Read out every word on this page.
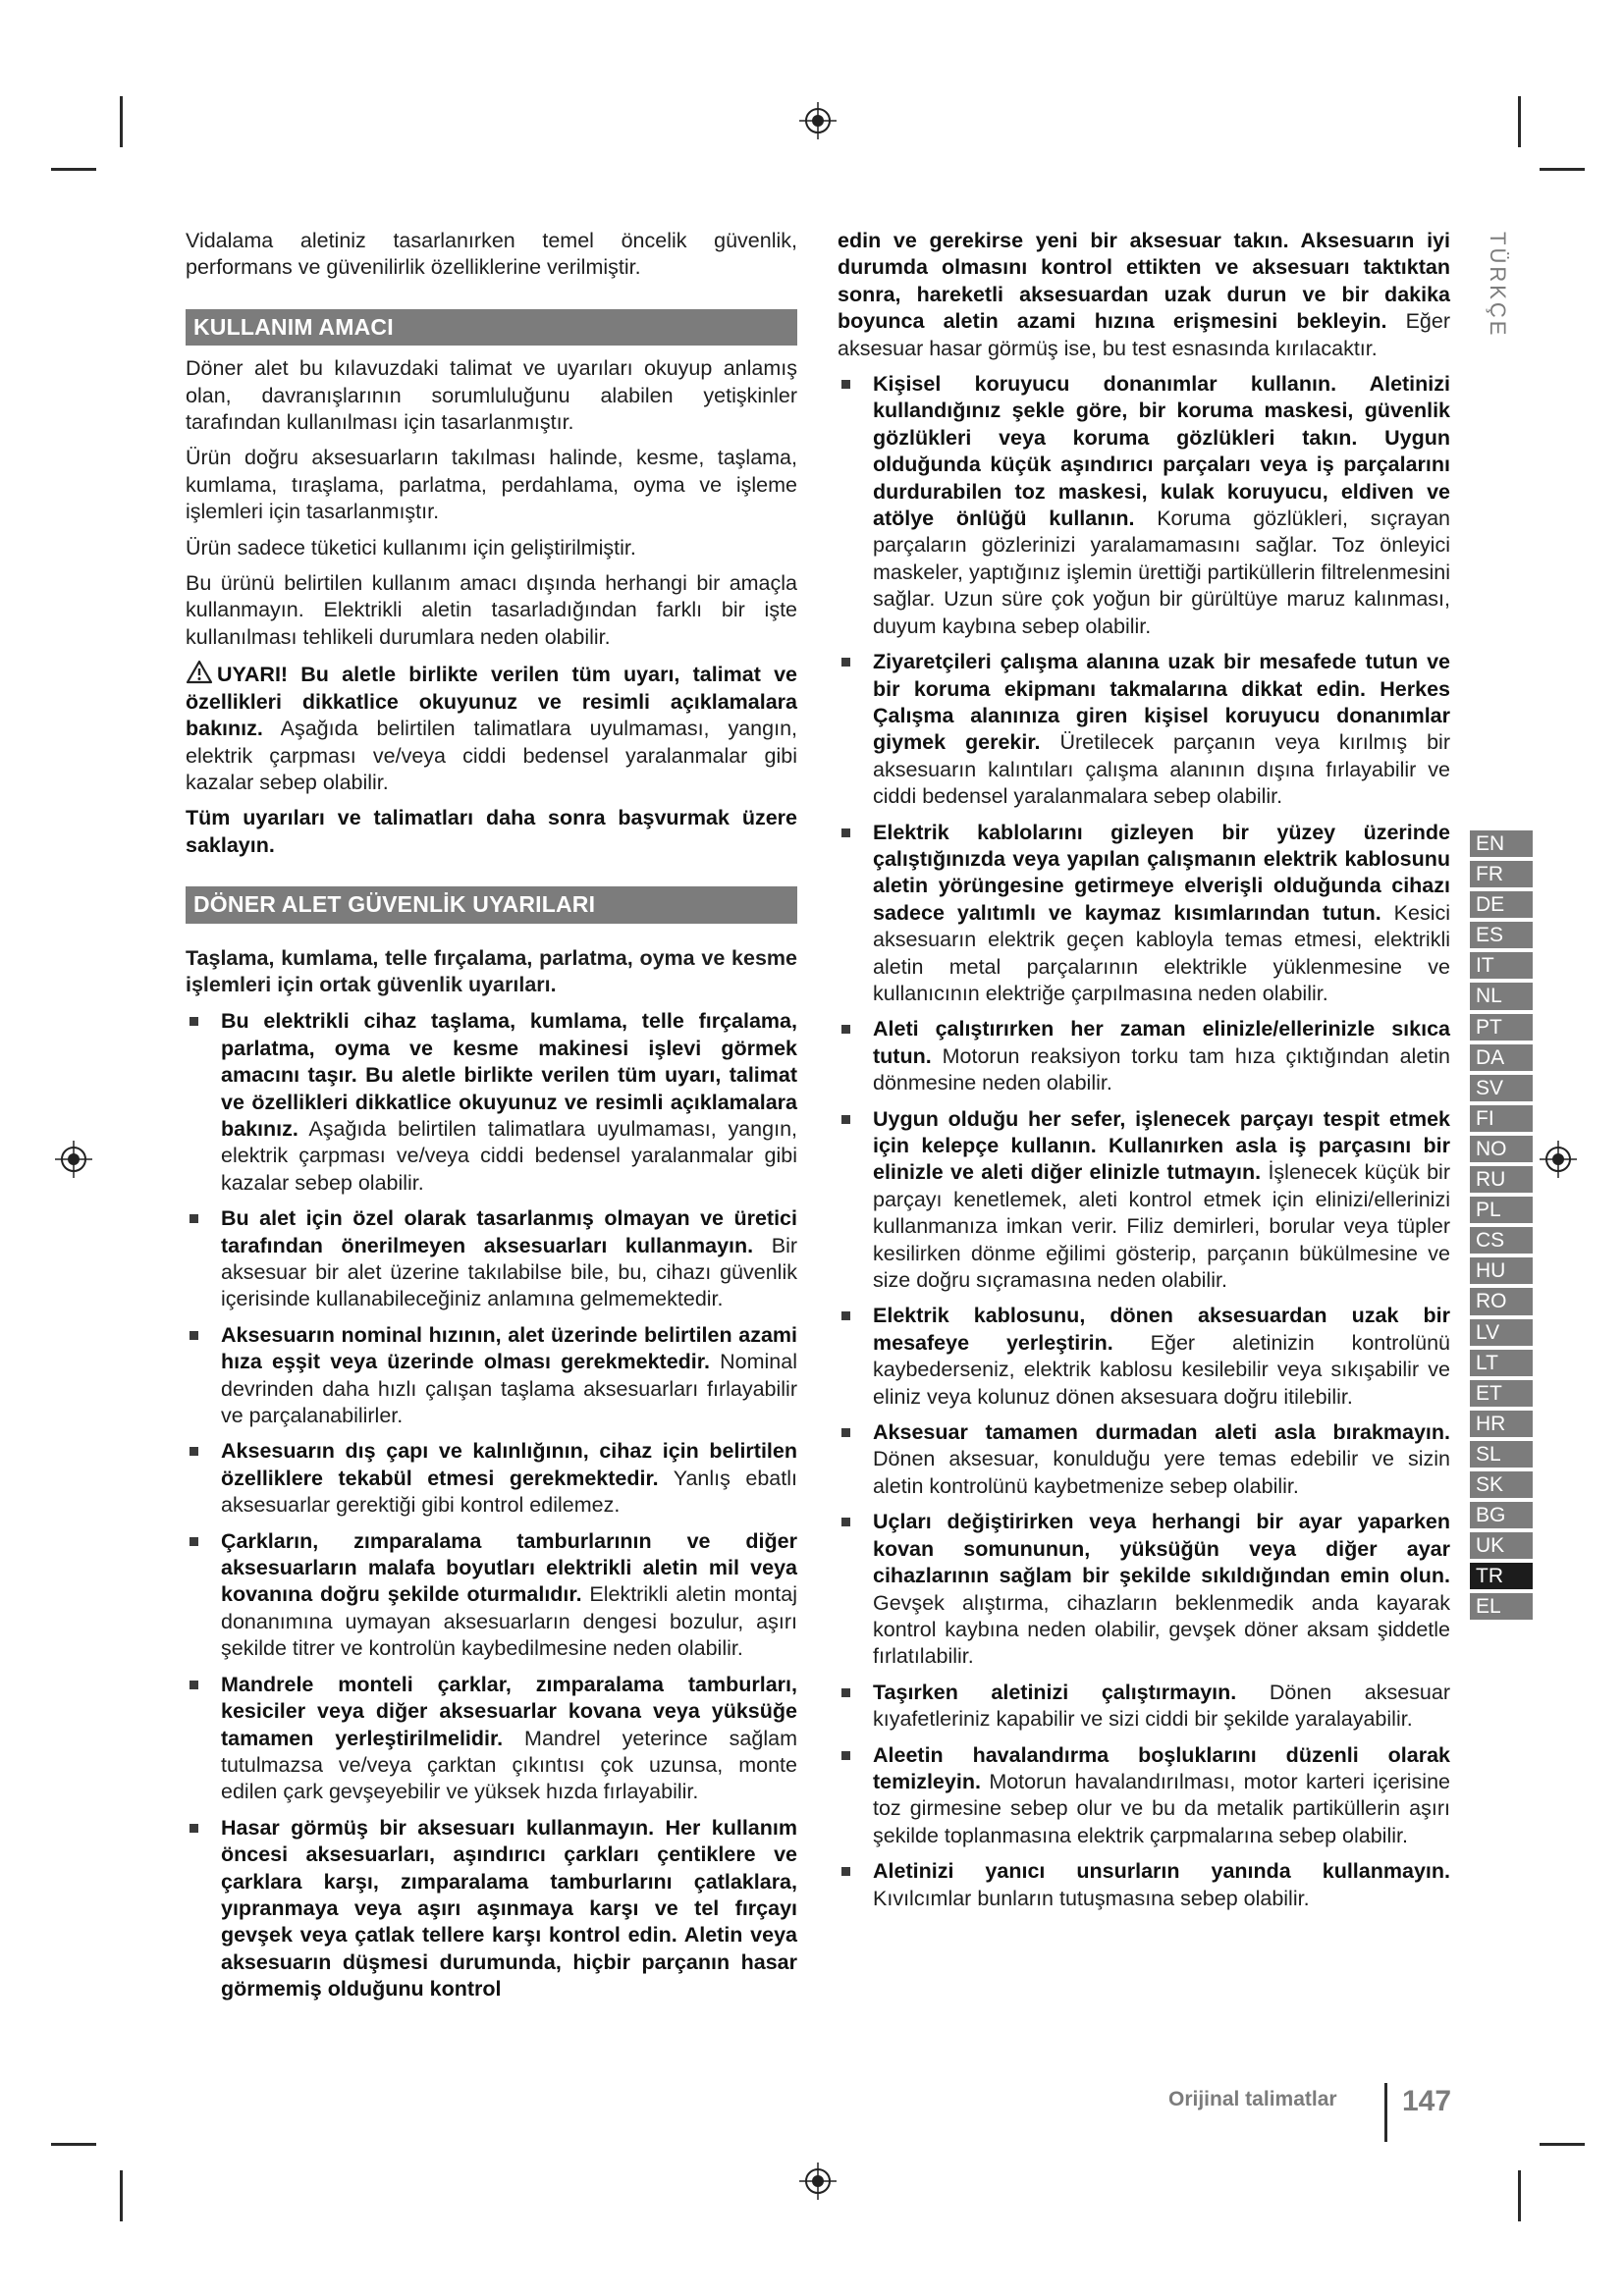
Vidalama aletiniz tasarlanırken temel öncelik güvenlik, performans ve güvenilirlik özelliklerine verilmiştir.

KULLANIM AMACI

Döner alet bu kılavuzdaki talimat ve uyarıları okuyup anlamış olan, davranışlarının sorumluluğunu alabilen yetişkinler tarafından kullanılması için tasarlanmıştır.

Ürün doğru aksesuarların takılması halinde, kesme, taşlama, kumlama, tıraşlama, parlatma, perdahlama, oyma ve işleme işlemleri için tasarlanmıştır.

Ürün sadece tüketici kullanımı için geliştirilmiştir.

Bu ürünü belirtilen kullanım amacı dışında herhangi bir amaçla kullanmayın. Elektrikli aletin tasarladığından farklı bir işte kullanılması tehlikeli durumlara neden olabilir.

UYARI! Bu aletle birlikte verilen tüm uyarı, talimat ve özellikleri dikkatlice okuyunuz ve resimli açıklamalara bakınız. Aşağıda belirtilen talimatlara uyulmaması, yangın, elektrik çarpması ve/veya ciddi bedensel yaralanmalar gibi kazalar sebep olabilir.

Tüm uyarıları ve talimatları daha sonra başvurmak üzere saklayın.

DÖNER ALET GÜVENLİK UYARILARI

Taşlama, kumlama, telle fırçalama, parlatma, oyma ve kesme işlemleri için ortak güvenlik uyarıları.

Bu elektrikli cihaz taşlama, kumlama, telle fırçalama, parlatma, oyma ve kesme makinesi işlevi görmek amacını taşır. Bu aletle birlikte verilen tüm uyarı, talimat ve özellikleri dikkatlice okuyunuz ve resimli açıklamalara bakınız. Aşağıda belirtilen talimatlara uyulmaması, yangın, elektrik çarpması ve/veya ciddi bedensel yaralanmalar gibi kazalar sebep olabilir.
Bu alet için özel olarak tasarlanmış olmayan ve üretici tarafından önerilmeyen aksesuarları kullanmayın. Bir aksesuar bir alet üzerine takılabilse bile, bu, cihazı güvenlik içerisinde kullanabileceğiniz anlamına gelmemektedir.
Aksesuarın nominal hızının, alet üzerinde belirtilen azami hıza eşşit veya üzerinde olması gerekmektedir. Nominal devrinden daha hızlı çalışan taşlama aksesuarları fırlayabilir ve parçalanabilirler.
Aksesuarın dış çapı ve kalınlığının, cihaz için belirtilen özelliklere tekabül etmesi gerekmektedir. Yanlış ebatlı aksesuarlar gerektiği gibi kontrol edilemez.
Çarkların, zımparalama tamburlarının ve diğer aksesuarların malafa boyutları elektrikli aletin mil veya kovanına doğru şekilde oturmalıdır. Elektrikli aletin montaj donanımına uymayan aksesuarların dengesi bozulur, aşırı şekilde titrer ve kontrolün kaybedilmesine neden olabilir.
Mandrele monteli çarklar, zımparalama tamburları, kesiciler veya diğer aksesuarlar kovana veya yüksüğe tamamen yerleştirilmelidir. Mandrel yeterince sağlam tutulmazsa ve/veya çarktan çıkıntısı çok uzunsa, monte edilen çark gevşeyebilir ve yüksek hızda fırlayabilir.
Hasar görmüş bir aksesuarı kullanmayın. Her kullanım öncesi aksesuarları, aşındırıcı çarkları çentiklere ve çarklara karşı, zımparalama tamburlarını çatlaklara, yıpranmaya veya aşırı aşınmaya karşı ve tel fırçayı gevşek veya çatlak tellere karşı kontrol edin. Aletin veya aksesuarın düşmesi durumunda, hiçbir parçanın hasar görmemiş olduğunu kontrol

edin ve gerekirse yeni bir aksesuar takın. Aksesuarın iyi durumda olmasını kontrol ettikten ve aksesuarı taktıktan sonra, hareketli aksesuardan uzak durun ve bir dakika boyunca aletin azami hızına erişmesini bekleyin. Eğer aksesuar hasar görmüş ise, bu test esnasında kırılacaktır.

Kişisel koruyucu donanımlar kullanın. Aletinizi kullandığınız şekle göre, bir koruma maskesi, güvenlik gözlükleri veya koruma gözlükleri takın. Uygun olduğunda küçük aşındırıcı parçaları veya iş parçalarını durdurabilen toz maskesi, kulak koruyucu, eldiven ve atölye önlüğü kullanın. Koruma gözlükleri, sıçrayan parçaların gözlerinizi yaralamamasını sağlar. Toz önleyici maskeler, yaptığınız işlemin ürettiği partiküllerin filtrelenmesini sağlar. Uzun süre çok yoğun bir gürültüye maruz kalınması, duyum kaybına sebep olabilir.
Ziyaretçileri çalışma alanına uzak bir mesafede tutun ve bir koruma ekipmanı takmalarına dikkat edin. Herkes Çalışma alanınıza giren kişisel koruyucu donanımlar giymek gerekir. Üretilecek parçanın veya kırılmış bir aksesuarın kalıntıları çalışma alanının dışına fırlayabilir ve ciddi bedensel yaralanmalara sebep olabilir.
Elektrik kablolarını gizleyen bir yüzey üzerinde çalıştığınızda veya yapılan çalışmanın elektrik kablosunu aletin yörüngesine getirmeye elverişli olduğunda cihazı sadece yalıtımlı ve kaymaz kısımlarından tutun. Kesici aksesuarın elektrik geçen kabloyla temas etmesi, elektrikli aletin metal parçalarının elektrikle yüklenmesine ve kullanıcının elektriğe çarpılmasına neden olabilir.
Aleti çalıştırırken her zaman elinizle/ellerinizle sıkıca tutun. Motorun reaksiyon torku tam hıza çıktığından aletin dönmesine neden olabilir.
Uygun olduğu her sefer, işlenecek parçayı tespit etmek için kelepçe kullanın. Kullanırken asla iş parçasını bir elinizle ve aleti diğer elinizle tutmayın. İşlenecek küçük bir parçayı kenetlemek, aleti kontrol etmek için elinizi/ellerinizi kullanmanıza imkan verir. Filiz demirleri, borular veya tüpler kesilirken dönme eğilimi gösterip, parçanın bükülmesine ve size doğru sıçramasına neden olabilir.
Elektrik kablosunu, dönen aksesuardan uzak bir mesafeye yerleştirin. Eğer aletinizin kontrolünü kaybederseniz, elektrik kablosu kesilebilir veya sıkışabilir ve eliniz veya kolunuz dönen aksesuara doğru itilebilir.
Aksesuar tamamen durmadan aleti asla bırakmayın. Dönen aksesuar, konulduğu yere temas edebilir ve sizin aletin kontrolünü kaybetmenize sebep olabilir.
Uçları değiştirirken veya herhangi bir ayar yaparken kovan somununun, yüksüğün veya diğer ayar cihazlarının sağlam bir şekilde sıkıldığından emin olun. Gevşek alıştırma, cihazların beklenmedik anda kayarak kontrol kaybına neden olabilir, gevşek döner aksam şiddetle fırlatılabilir.
Taşırken aletinizi çalıştırmayın. Dönen aksesuar kıyafetleriniz kapabilir ve sizi ciddi bir şekilde yaralayabilir.
Aleetin havalandırma boşluklarını düzenli olarak temizleyin. Motorun havalandırılması, motor karteri içerisine toz girmesine sebep olur ve bu da metalik partiküllerin aşırı şekilde toplanmasına elektrik çarpmalarına sebep olabilir.
Aletinizi yanıcı unsurların yanında kullanmayın. Kıvılcımlar bunların tutuşmasına sebep olabilir.
TÜRKÇE
EN
FR
DE
ES
IT
NL
PT
DA
SV
FI
NO
RU
PL
CS
HU
RO
LV
LT
ET
HR
SL
SK
BG
UK
TR
EL
Orijinal talimatlar 147
